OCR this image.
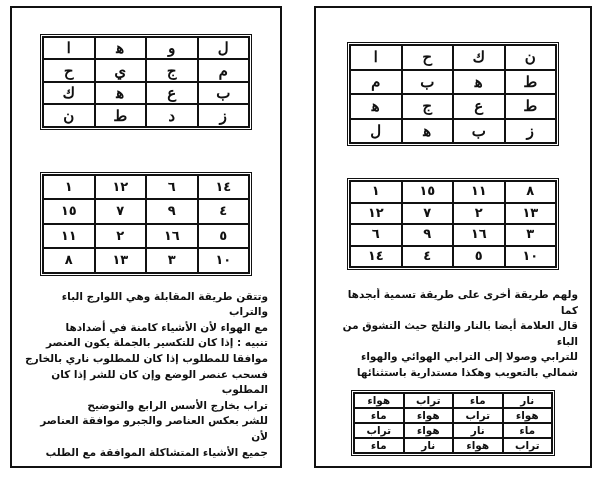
ا	ﻫ	و	ل
ح	ي	ج	م
ك	ﻫ	ع	ب
ن	ط	د	ز
١	١٢	٦	١٤
١٥	٧	٩	٤
١١	٢	١٦	٥
٨	١٣	٣	١٠
وتتقن طريقة المقابلة وهي اللوارج الباء والتراب
مع الهواء لأن الأشياء كامنة في أضدادها
تنبيه : إذا كان للتكسير بالجملة يكون العنصر
موافقا للمطلوب إذا كان للمطلوب ناري بالخارج
فسحب عنصر الوضع وإن كان للشر إذا كان المطلوب
تراب بخارج الأسس الرابع والتوضيح
للشر بعكس العناصر والجبرو موافقة العناصر لأن
جميع الأشياء المتشاكلة الموافقة مع الطلب
ا	ح	ك	ن
م	ب	ﻫ	ط
ﻫ	ج	ع	ط
ل	ﻫ	ب	ز
١	١٥	١١	٨
١٢	٧	٢	١٣
٦	٩	١٦	٣
١٤	٤	٥	١٠
ولهم طريقة أخرى على طريقة تسمية أبجدها كما
قال العلامة أيضا بالنار والثلج حيث التشوق من الباء
للترابي وصولا إلى الترابي الهوائي والهواء
شمالي بالتعويب وهكذا مستدارية باستثنائها
هواء	تراب	ماء	نار
ماء	هواء	تراب	هواء
تراب	هواء	نار	ماء
ماء	نار	هواء	تراب
